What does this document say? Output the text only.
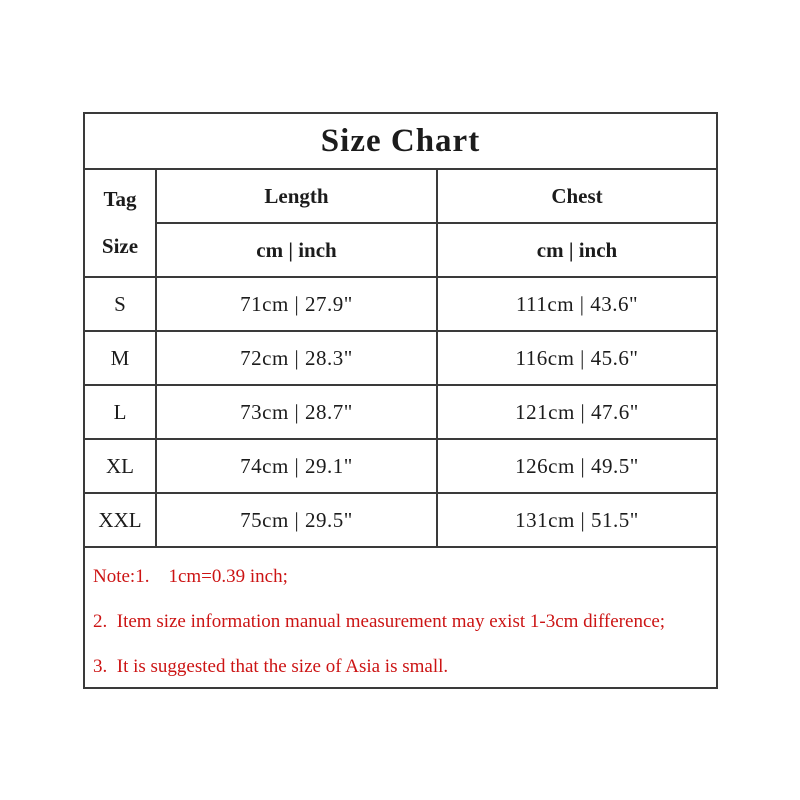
Size Chart
Tag
Size
Length	Chest
cm | inch	cm | inch
S	71cm | 27.9"	111cm | 43.6"
M	72cm | 28.3"	116cm | 45.6"
L	73cm | 28.7"	121cm | 47.6"
XL	74cm | 29.1"	126cm | 49.5"
XXL	75cm | 29.5"	131cm | 51.5"
Note:1.    1cm=0.39 inch;
2.  Item size information manual measurement may exist 1-3cm difference;
3.  It is suggested that the size of Asia is small.
